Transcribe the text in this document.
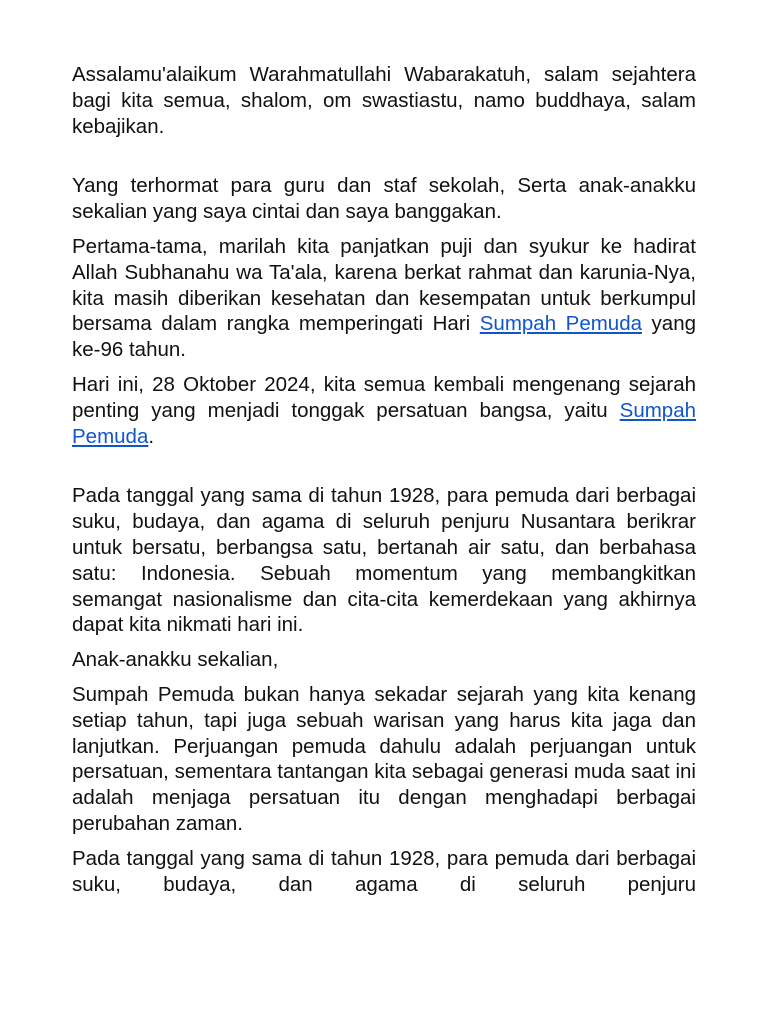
Assalamu'alaikum Warahmatullahi Wabarakatuh, salam sejahtera bagi kita semua, shalom, om swastiastu, namo buddhaya, salam kebajikan.

Yang terhormat para guru dan staf sekolah, Serta anak-anakku sekalian yang saya cintai dan saya banggakan.

Pertama-tama, marilah kita panjatkan puji dan syukur ke hadirat Allah Subhanahu wa Ta'ala, karena berkat rahmat dan karunia-Nya, kita masih diberikan kesehatan dan kesempatan untuk berkumpul bersama dalam rangka memperingati Hari Sumpah Pemuda yang ke-96 tahun.

Hari ini, 28 Oktober 2024, kita semua kembali mengenang sejarah penting yang menjadi tonggak persatuan bangsa, yaitu Sumpah Pemuda.

Pada tanggal yang sama di tahun 1928, para pemuda dari berbagai suku, budaya, dan agama di seluruh penjuru Nusantara berikrar untuk bersatu, berbangsa satu, bertanah air satu, dan berbahasa satu: Indonesia. Sebuah momentum yang membangkitkan semangat nasionalisme dan cita-cita kemerdekaan yang akhirnya dapat kita nikmati hari ini.

Anak-anakku sekalian,

Sumpah Pemuda bukan hanya sekadar sejarah yang kita kenang setiap tahun, tapi juga sebuah warisan yang harus kita jaga dan lanjutkan. Perjuangan pemuda dahulu adalah perjuangan untuk persatuan, sementara tantangan kita sebagai generasi muda saat ini adalah menjaga persatuan itu dengan menghadapi berbagai perubahan zaman.

Pada tanggal yang sama di tahun 1928, para pemuda dari berbagai suku, budaya, dan agama di seluruh penjuru
